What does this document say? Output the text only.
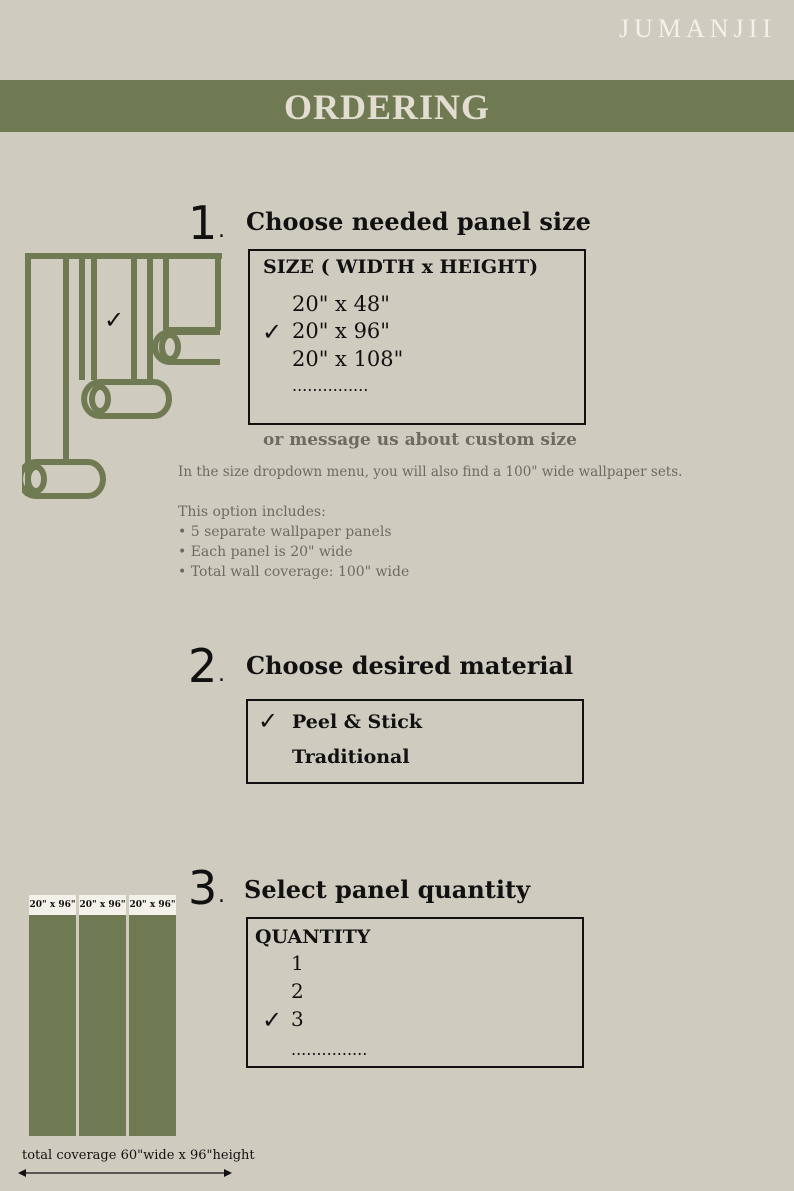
JUMANJII
ORDERING
✓
1 . Choose needed panel size
SIZE ( WIDTH x HEIGHT)
20" x 48"
✓ 20" x 96"
20" x 108"
...............
or message us about custom size
In the size dropdown menu, you will also find a 100" wide wallpaper sets.
This option includes:
• 5 separate wallpaper panels
• Each panel is 20" wide
• Total wall coverage: 100" wide
2 . Choose desired material
✓ Peel & Stick
Traditional
3 . Select panel quantity
QUANTITY
1
2
✓ 3
...............
20" x 96" 20" x 96" 20" x 96"
total coverage 60"wide x 96"height
